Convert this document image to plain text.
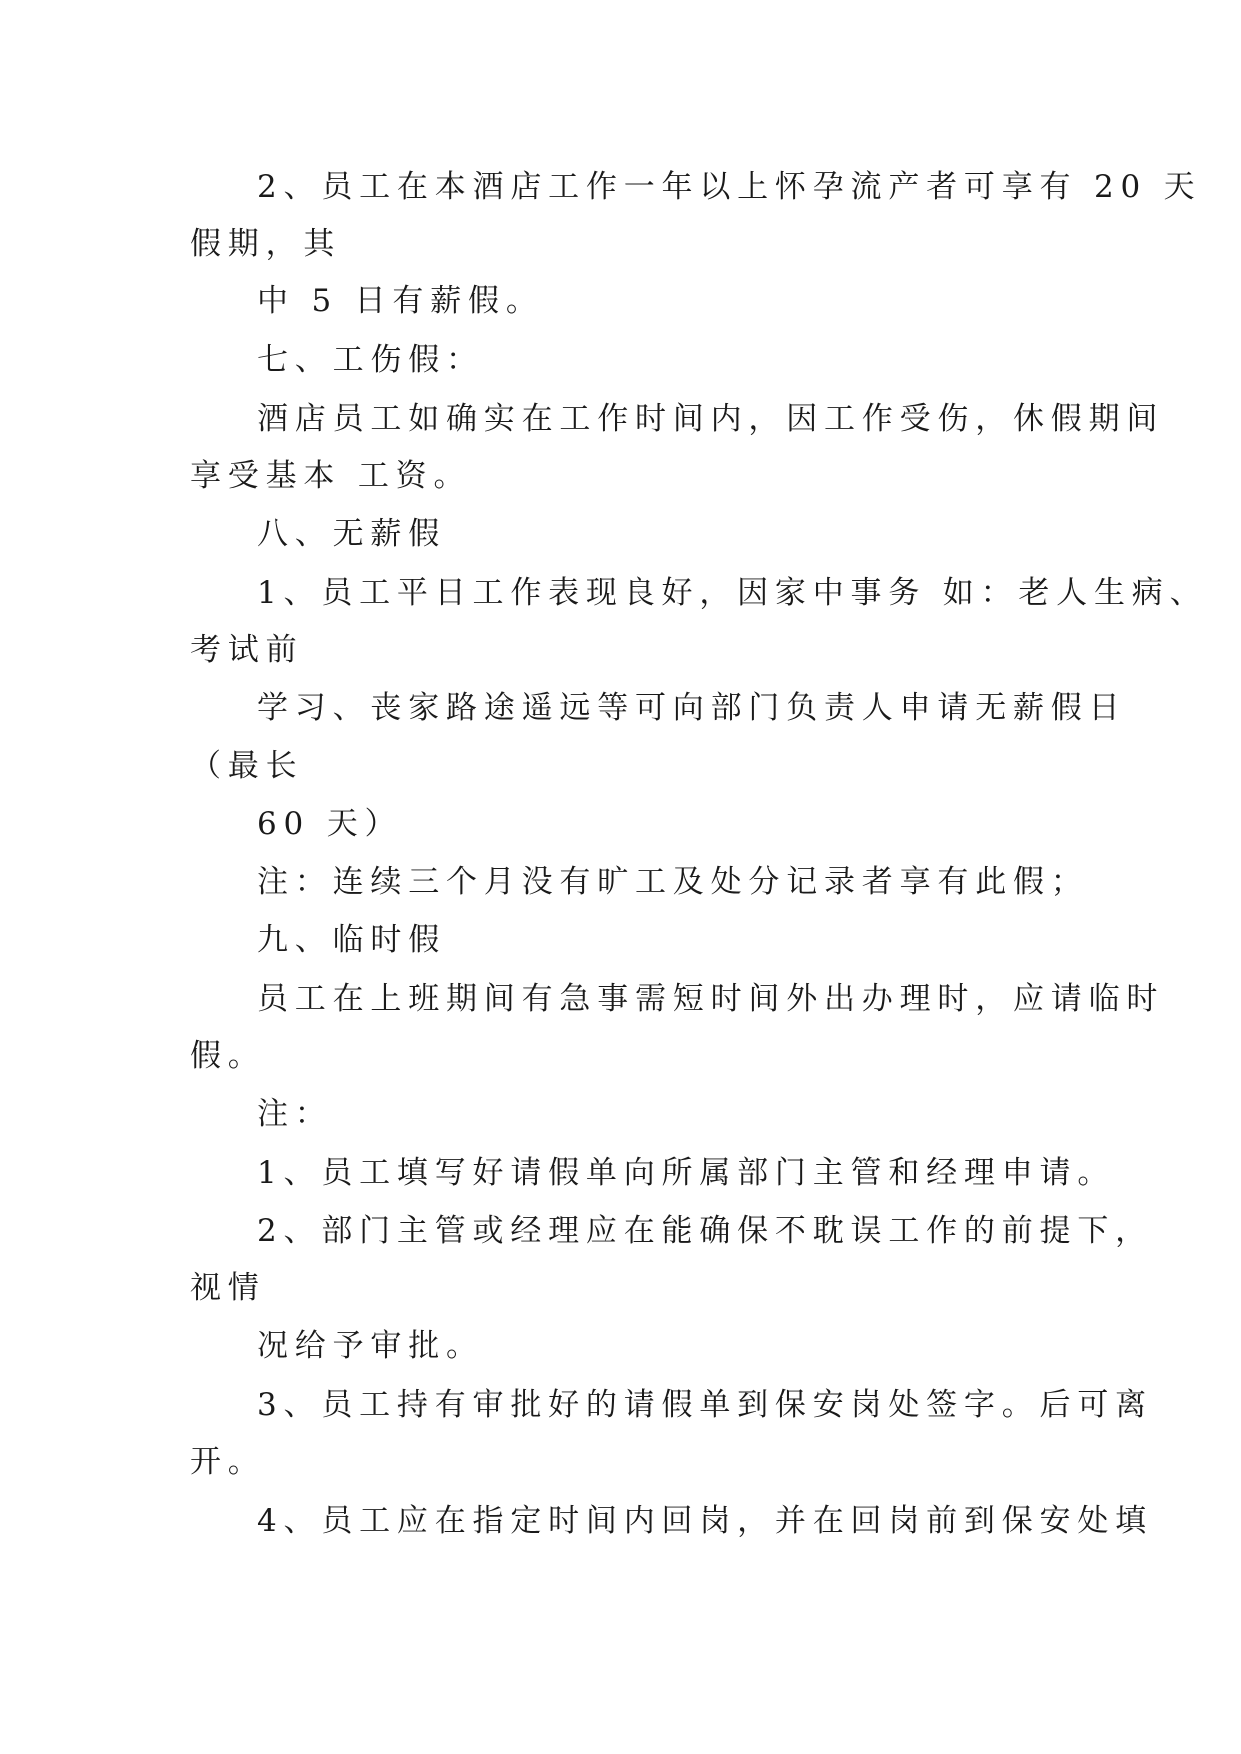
2、员工在本酒店工作一年以上怀孕流产者可享有 20 天
假期，其
中 5 日有薪假。
七、工伤假：
酒店员工如确实在工作时间内，因工作受伤，休假期间
享受基本 工资。
八、无薪假
1、员工平日工作表现良好，因家中事务 如：老人生病、
考试前
学习、丧家路途遥远等可向部门负责人申请无薪假日
（最长
60 天）
注：连续三个月没有旷工及处分记录者享有此假；
九、临时假
员工在上班期间有急事需短时间外出办理时，应请临时
假。
注：
1、员工填写好请假单向所属部门主管和经理申请。
2、部门主管或经理应在能确保不耽误工作的前提下，
视情
况给予审批。
3、员工持有审批好的请假单到保安岗处签字。后可离
开。
4、员工应在指定时间内回岗，并在回岗前到保安处填
